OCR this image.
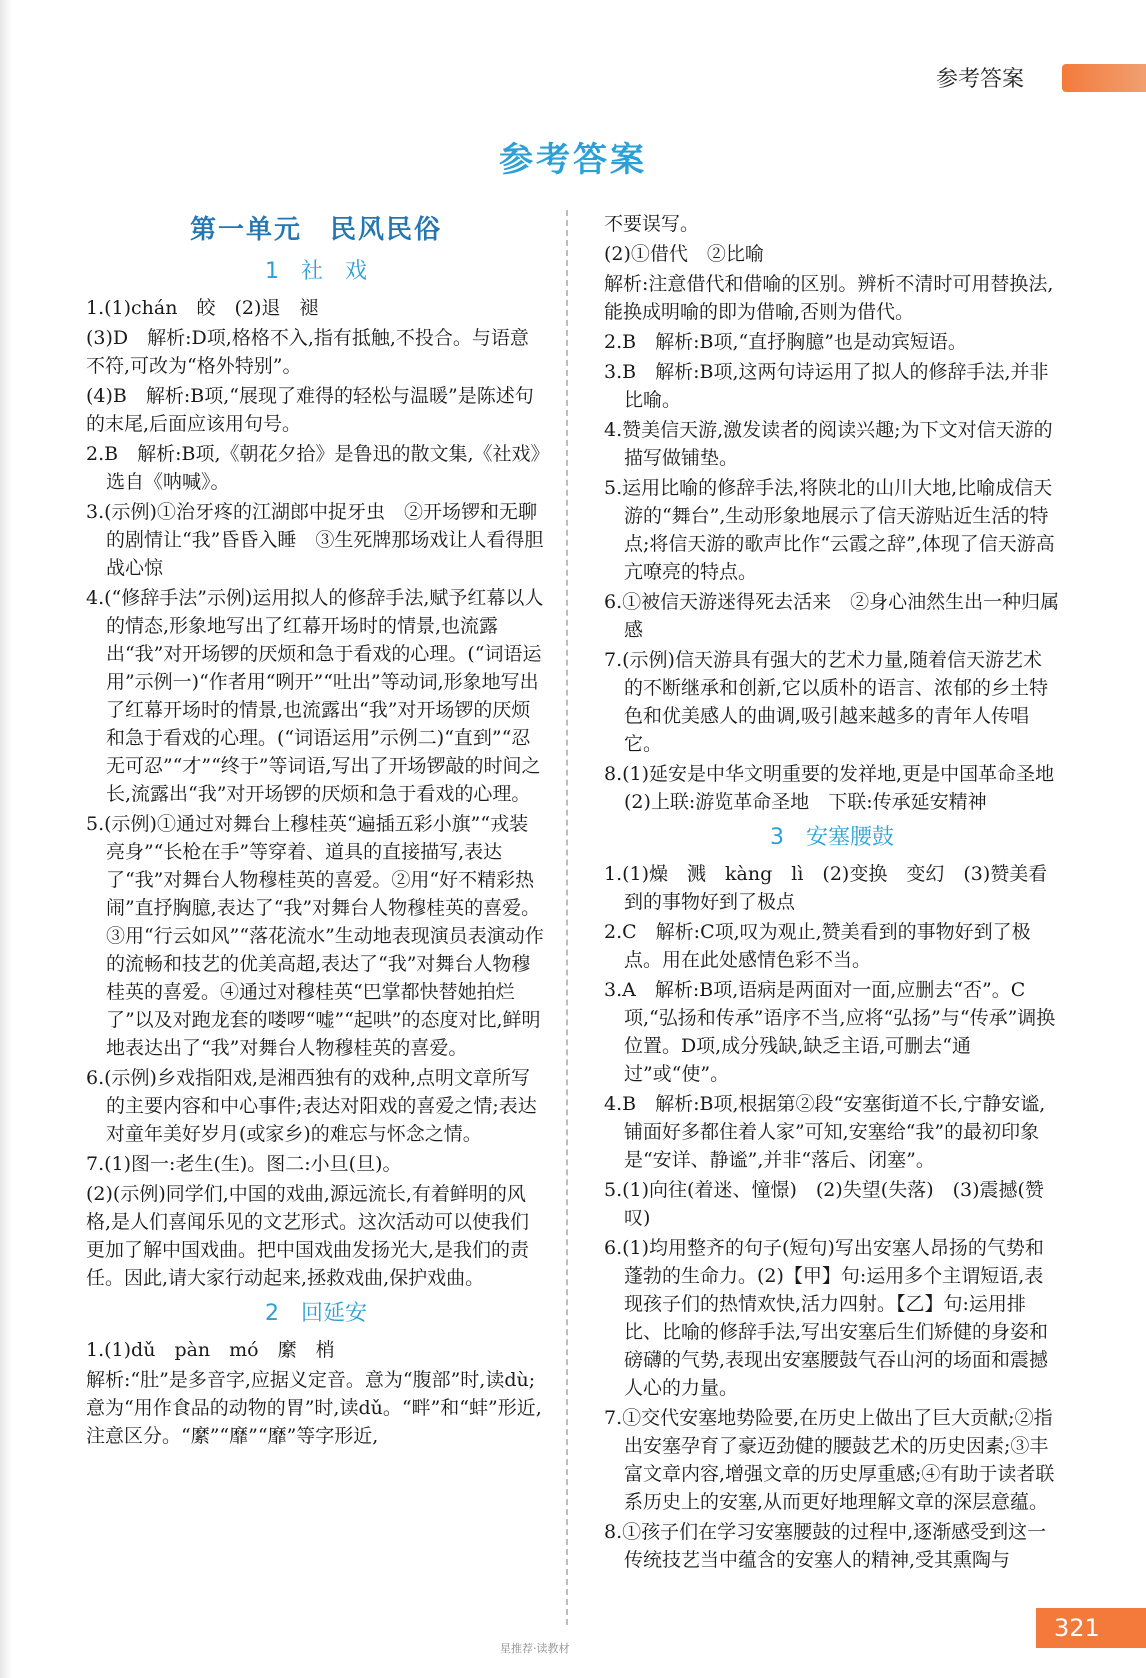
参考答案
参考答案
第一单元　民风民俗
1　社　戏
1.(1)chán　皎　(2)退　褪
(3)D　解析:D项,格格不入,指有抵触,不投合。与语意不符,可改为“格外特别”。
(4)B　解析:B项,“展现了难得的轻松与温暖”是陈述句的末尾,后面应该用句号。
2.B　解析:B项,《朝花夕拾》是鲁迅的散文集,《社戏》选自《呐喊》。
3.(示例)①治牙疼的江湖郎中捉牙虫　②开场锣和无聊的剧情让“我”昏昏入睡　③生死牌那场戏让人看得胆战心惊
4.(“修辞手法”示例)运用拟人的修辞手法,赋予红幕以人的情态,形象地写出了红幕开场时的情景,也流露出“我”对开场锣的厌烦和急于看戏的心理。(“词语运用”示例一)“作者用“咧开”“吐出”等动词,形象地写出了红幕开场时的情景,也流露出“我”对开场锣的厌烦和急于看戏的心理。(“词语运用”示例二)“直到”“忍无可忍”“才”“终于”等词语,写出了开场锣敲的时间之长,流露出“我”对开场锣的厌烦和急于看戏的心理。
5.(示例)①通过对舞台上穆桂英“遍插五彩小旗”“戎装亮身”“长枪在手”等穿着、道具的直接描写,表达了“我”对舞台人物穆桂英的喜爱。②用“好不精彩热闹”直抒胸臆,表达了“我”对舞台人物穆桂英的喜爱。③用“行云如风”“落花流水”生动地表现演员表演动作的流畅和技艺的优美高超,表达了“我”对舞台人物穆桂英的喜爱。④通过对穆桂英“巴掌都快替她拍烂了”以及对跑龙套的喽啰“嘘”“起哄”的态度对比,鲜明地表达出了“我”对舞台人物穆桂英的喜爱。
6.(示例)乡戏指阳戏,是湘西独有的戏种,点明文章所写的主要内容和中心事件;表达对阳戏的喜爱之情;表达对童年美好岁月(或家乡)的难忘与怀念之情。
7.(1)图一:老生(生)。图二:小旦(旦)。
(2)(示例)同学们,中国的戏曲,源远流长,有着鲜明的风格,是人们喜闻乐见的文艺形式。这次活动可以使我们更加了解中国戏曲。把中国戏曲发扬光大,是我们的责任。因此,请大家行动起来,拯救戏曲,保护戏曲。
2　回延安
1.(1)dǔ　pàn　mó　縻　梢
解析:“肚”是多音字,应据义定音。意为“腹部”时,读dù;意为“用作食品的动物的胃”时,读dǔ。“畔”和“蚌”形近,注意区分。“縻”“靡”“靡”等字形近,
不要误写。
(2)①借代　②比喻
解析:注意借代和借喻的区别。辨析不清时可用替换法,能换成明喻的即为借喻,否则为借代。
2.B　解析:B项,“直抒胸臆”也是动宾短语。
3.B　解析:B项,这两句诗运用了拟人的修辞手法,并非比喻。
4.赞美信天游,激发读者的阅读兴趣;为下文对信天游的描写做铺垫。
5.运用比喻的修辞手法,将陕北的山川大地,比喻成信天游的“舞台”,生动形象地展示了信天游贴近生活的特点;将信天游的歌声比作“云霞之辞”,体现了信天游高亢嘹亮的特点。
6.①被信天游迷得死去活来　②身心油然生出一种归属感
7.(示例)信天游具有强大的艺术力量,随着信天游艺术的不断继承和创新,它以质朴的语言、浓郁的乡土特色和优美感人的曲调,吸引越来越多的青年人传唱它。
8.(1)延安是中华文明重要的发祥地,更是中国革命圣地　(2)上联:游览革命圣地　下联:传承延安精神
3　安塞腰鼓
1.(1)燥　溅　kàng　lì　(2)变换　变幻　(3)赞美看到的事物好到了极点
2.C　解析:C项,叹为观止,赞美看到的事物好到了极点。用在此处感情色彩不当。
3.A　解析:B项,语病是两面对一面,应删去“否”。C项,“弘扬和传承”语序不当,应将“弘扬”与“传承”调换位置。D项,成分残缺,缺乏主语,可删去“通过”或“使”。
4.B　解析:B项,根据第②段“安塞街道不长,宁静安谧,铺面好多都住着人家”可知,安塞给“我”的最初印象是“安详、静谧”,并非“落后、闭塞”。
5.(1)向往(着迷、憧憬)　(2)失望(失落)　(3)震撼(赞叹)
6.(1)均用整齐的句子(短句)写出安塞人昂扬的气势和蓬勃的生命力。(2)【甲】句:运用多个主谓短语,表现孩子们的热情欢快,活力四射。【乙】句:运用排比、比喻的修辞手法,写出安塞后生们矫健的身姿和磅礴的气势,表现出安塞腰鼓气吞山河的场面和震撼人心的力量。
7.①交代安塞地势险要,在历史上做出了巨大贡献;②指出安塞孕育了豪迈劲健的腰鼓艺术的历史因素;③丰富文章内容,增强文章的历史厚重感;④有助于读者联系历史上的安塞,从而更好地理解文章的深层意蕴。
8.①孩子们在学习安塞腰鼓的过程中,逐渐感受到这一传统技艺当中蕴含的安塞人的精神,受其熏陶与
星推荐·读教材
321
